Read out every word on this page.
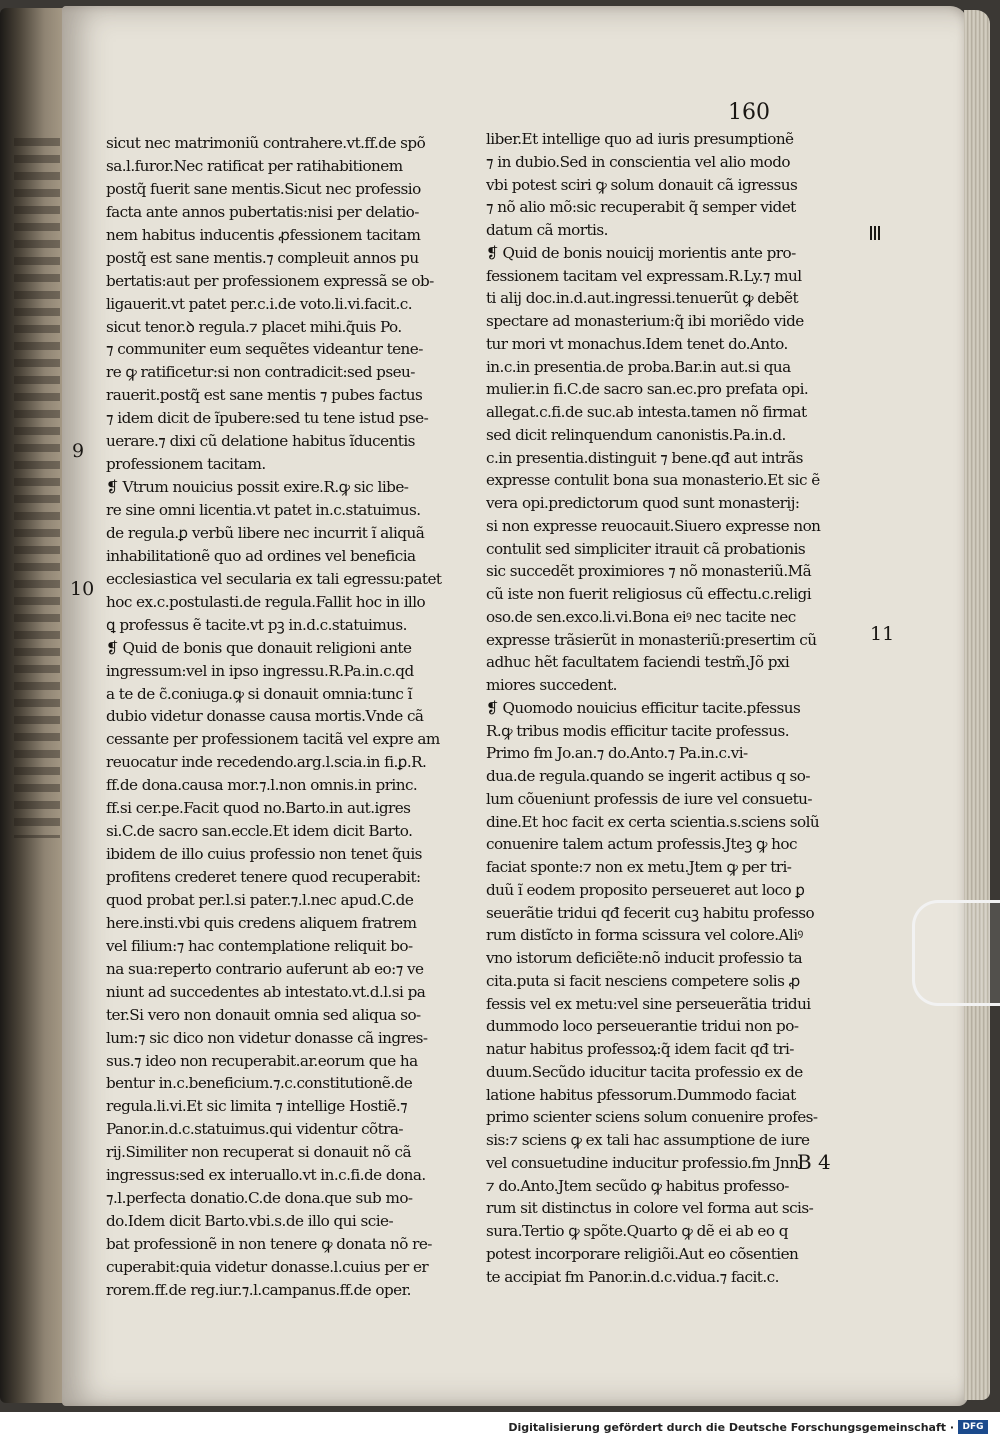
160
sicut nec matrimoniũ contrahere.vt.ff.de spõ
sa.l.furor.Nec ratificat per ratihabitionem
postq̃ fuerit sane mentis.Sicut nec professio
facta ante annos pubertatis:nisi per delatio-
nem habitus inducentis ꝓfessionem tacitam
postq̃ est sane mentis.⁊ compleuit annos pu
bertatis:aut per professionem expressã se ob-
ligauerit.vt patet per.c.i.de voto.li.vi.facit.c.
sicut tenor.ꝺ regula.⁊ placet mihi.q̃uis Po.
⁊ communiter eum sequẽtes videantur tene-
re ꝙ ratificetur:si non contradicit:sed pseu-
rauerit.postq̃ est sane mentis ⁊ pubes factus
⁊ idem dicit de ĩpubere:sed tu tene istud pse-
uerare.⁊ dixi cũ delatione habitus ĩducentis
professionem tacitam.
❡ Vtrum nouicius possit exire.R.ꝙ sic libe-
re sine omni licentia.vt patet in.c.statuimus.
de regula.ꝑ verbũ libere nec incurrit ĩ aliquã
inhabilitationẽ quo ad ordines vel beneficia
ecclesiastica vel secularia ex tali egressu:patet
hoc ex.c.postulasti.de regula.Fallit hoc in illo
ꝗ professus ẽ tacite.vt pꝫ in.d.c.statuimus.
❡ Quid de bonis que donauit religioni ante
ingressum:vel in ipso ingressu.R.Pa.in.c.qd
a te de c̃.coniuga.ꝙ si donauit omnia:tunc ĩ
dubio videtur donasse causa mortis.Vnde cã
cessante per professionem tacitã vel expre am
reuocatur inde recedendo.arg.l.scia.in fi.ꝑ.R.
ff.de dona.causa mor.⁊.l.non omnis.in princ.
ff.si cer.pe.Facit quod no.Barto.in aut.igres
si.C.de sacro san.eccle.Et idem dicit Barto.
ibidem de illo cuius professio non tenet q̃uis
profitens crederet tenere quod recuperabit:
quod probat per.l.si pater.⁊.l.nec apud.C.de
here.insti.vbi quis credens aliquem fratrem
vel filium:⁊ hac contemplatione reliquit bo-
na sua:reperto contrario auferunt ab eo:⁊ ve
niunt ad succedentes ab intestato.vt.d.l.si pa
ter.Si vero non donauit omnia sed aliqua so-
lum:⁊ sic dico non videtur donasse cã ingres-
sus.⁊ ideo non recuperabit.ar.eorum que ha
bentur in.c.beneficium.⁊.c.constitutionẽ.de
regula.li.vi.Et sic limita ⁊ intellige Hostiẽ.⁊
Panor.in.d.c.statuimus.qui videntur cõtra-
rij.Similiter non recuperat si donauit nõ cã
ingressus:sed ex interuallo.vt in.c.fi.de dona.
⁊.l.perfecta donatio.C.de dona.que sub mo-
do.Idem dicit Barto.vbi.s.de illo qui scie-
bat professionẽ in non tenere ꝙ donata nõ re-
cuperabit:quia videtur donasse.l.cuius per er
rorem.ff.de reg.iur.⁊.l.campanus.ff.de oper.
liber.Et intellige quo ad iuris presumptionẽ
⁊ in dubio.Sed in conscientia vel alio modo
vbi potest sciri ꝙ solum donauit cã igressus
⁊ nõ alio mõ:sic recuperabit q̃ semper videt
datum cã mortis.
❡ Quid de bonis nouicij morientis ante pro-
fessionem tacitam vel expressam.R.Ly.⁊ mul
ti alij doc.in.d.aut.ingressi.tenuerũt ꝙ debẽt
spectare ad monasterium:q̃ ibi moriẽdo vide
tur mori vt monachus.Idem tenet do.Anto.
in.c.in presentia.de proba.Bar.in aut.si qua
mulier.in fi.C.de sacro san.ec.pro prefata opi.
allegat.c.fi.de suc.ab intesta.tamen nõ firmat
sed dicit relinquendum canonistis.Pa.in.d.
c.in presentia.distinguit ⁊ bene.qđ aut intrãs
expresse contulit bona sua monasterio.Et sic ẽ
vera opi.predictorum quod sunt monasterij:
si non expresse reuocauit.Siuero expresse non
contulit sed simpliciter itrauit cã probationis
sic succedẽt proximiores ⁊ nõ monasteriũ.Mã
cũ iste non fuerit religiosus cũ effectu.c.religi
oso.de sen.exco.li.vi.Bona eiꝰ nec tacite nec
expresse trãsierũt in monasteriũ:presertim cũ
adhuc hẽt facultatem faciendi testm̃.Jõ pxi
miores succedent.
❡ Quomodo nouicius efficitur tacite.pfessus
R.ꝙ tribus modis efficitur tacite professus.
Primo fm Jo.an.⁊ do.Anto.⁊ Pa.in.c.vi-
dua.de regula.quando se ingerit actibus q so-
lum cõueniunt professis de iure vel consuetu-
dine.Et hoc facit ex certa scientia.s.sciens solũ
conuenire talem actum professis.Jteꝫ ꝙ hoc
faciat sponte:⁊ non ex metu.Jtem ꝙ per tri-
duũ ĩ eodem proposito perseueret aut loco ꝑ
seuerãtie tridui qđ fecerit cuꝫ habitu professo
rum distĩcto in forma scissura vel colore.Aliꝰ
vno istorum deficiẽte:nõ inducit professio ta
cita.puta si facit nesciens competere solis ꝓ
fessis vel ex metu:vel sine perseuerãtia tridui
dummodo loco perseuerantie tridui non po-
natur habitus professoꝝ:q̃ idem facit qđ tri-
duum.Secũdo iducitur tacita professio ex de
latione habitus pfessorum.Dummodo faciat
primo scienter sciens solum conuenire profes-
sis:⁊ sciens ꝙ ex tali hac assumptione de iure
vel consuetudine inducitur professio.fm Jnn.
⁊ do.Anto.Jtem secũdo ꝙ habitus professo-
rum sit distinctus in colore vel forma aut scis-
sura.Tertio ꝙ spõte.Quarto ꝙ dẽ ei ab eo q
potest incorporare religiõi.Aut eo cõsentien
te accipiat fm Panor.in.d.c.vidua.⁊ facit.c.
9
10
11
B 4
Digitalisierung gefördert durch die Deutsche Forschungsgemeinschaft · DFG
